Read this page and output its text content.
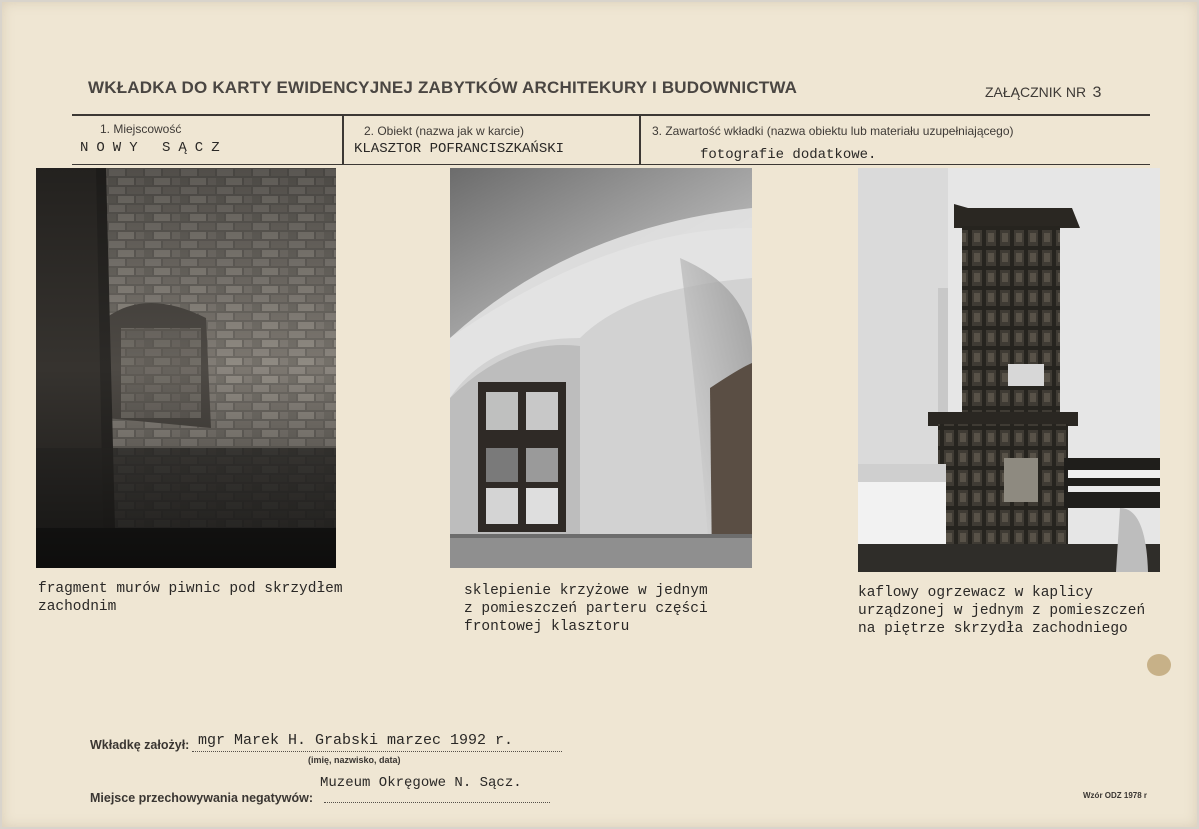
WKŁADKA DO KARTY EWIDENCYJNEJ ZABYTKÓW ARCHITEKURY I BUDOWNICTWA	ZAŁĄCZNIK NR 3
1. Miejscowość
NOWY SĄCZ
2. Obiekt (nazwa jak w karcie)
KLASZTOR POFRANCISZKAŃSKI
3. Zawartość wkładki (nazwa obiektu lub materiału uzupełniającego)
fotografie dodatkowe.
fragment murów piwnic pod skrzydłem
zachodnim
sklepienie krzyżowe w jednym
z pomieszczeń parteru części
frontowej klasztoru
kaflowy ogrzewacz w kaplicy
urządzonej w jednym z pomieszczeń
na piętrze skrzydła zachodniego
Wkładkę założył: mgr Marek H. Grabski marzec 1992 r.
(imię, nazwisko, data)
Miejsce przechowywania negatywów:
Muzeum Okręgowe N. Sącz.
Wzór ODZ 1978 r
